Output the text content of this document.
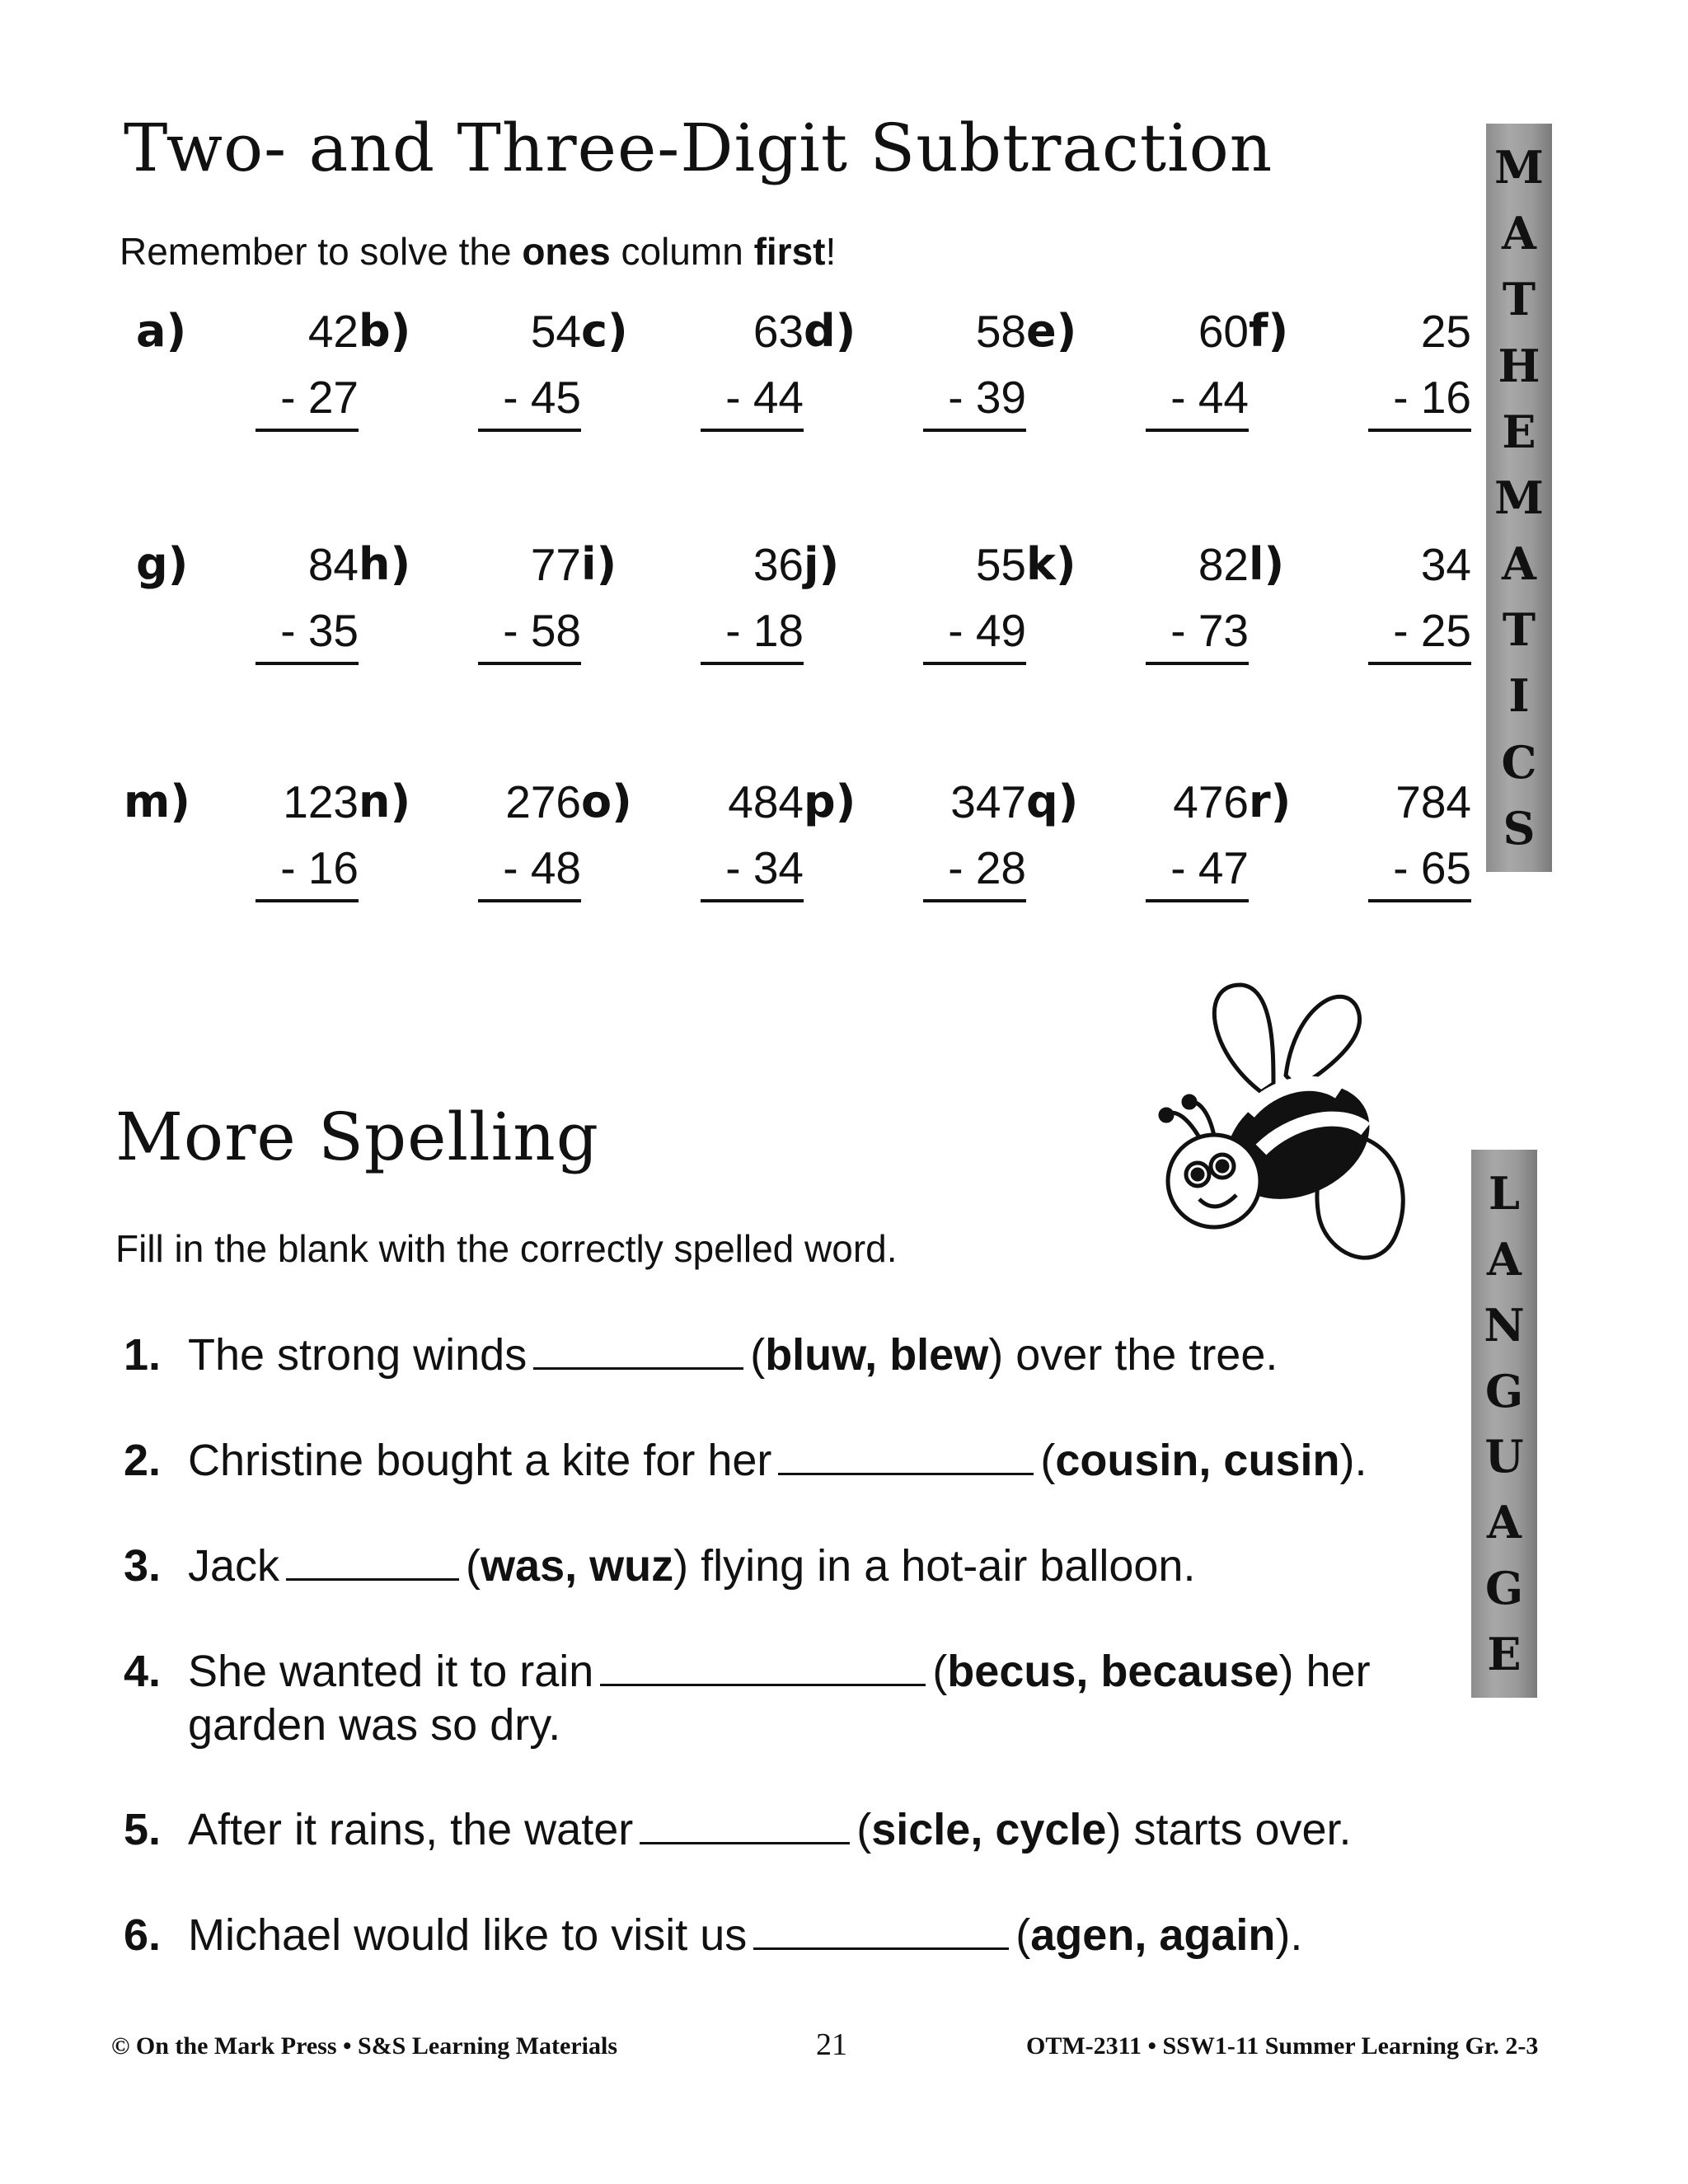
Two- and Three-Digit Subtraction

Remember to solve the ones column first!

a)	42
- 27
b)	54
- 45
c)	63
- 44
d)	58
- 39
e)	60
- 44
f)	25
- 16
g)	84
- 35
h)	77
- 58
i)	36
- 18
j)	55
- 49
k)	82
- 73
l)	34
- 25
m)	123
- 16
n)	276
- 48
o)	484
- 34
p)	347
- 28
q)	476
- 47
r)	784
- 65
M
A
T
H
E
M
A
T
I
C
S
More Spelling

Fill in the blank with the correctly spelled word.

1. The strong winds	(bluw, blew) over the tree.
2. Christine bought a kite for her	(cousin, cusin).
3. Jack	(was, wuz) flying in a hot-air balloon.
4. She wanted it to rain	(becus, because) her
garden was so dry.
5. After it rains, the water	(sicle, cycle) starts over.
6. Michael would like to visit us	(agen, again).
L
A
N
G
U
A
G
E
© On the Mark Press • S&S Learning Materials	21	OTM-2311 • SSW1-11 Summer Learning Gr. 2-3
